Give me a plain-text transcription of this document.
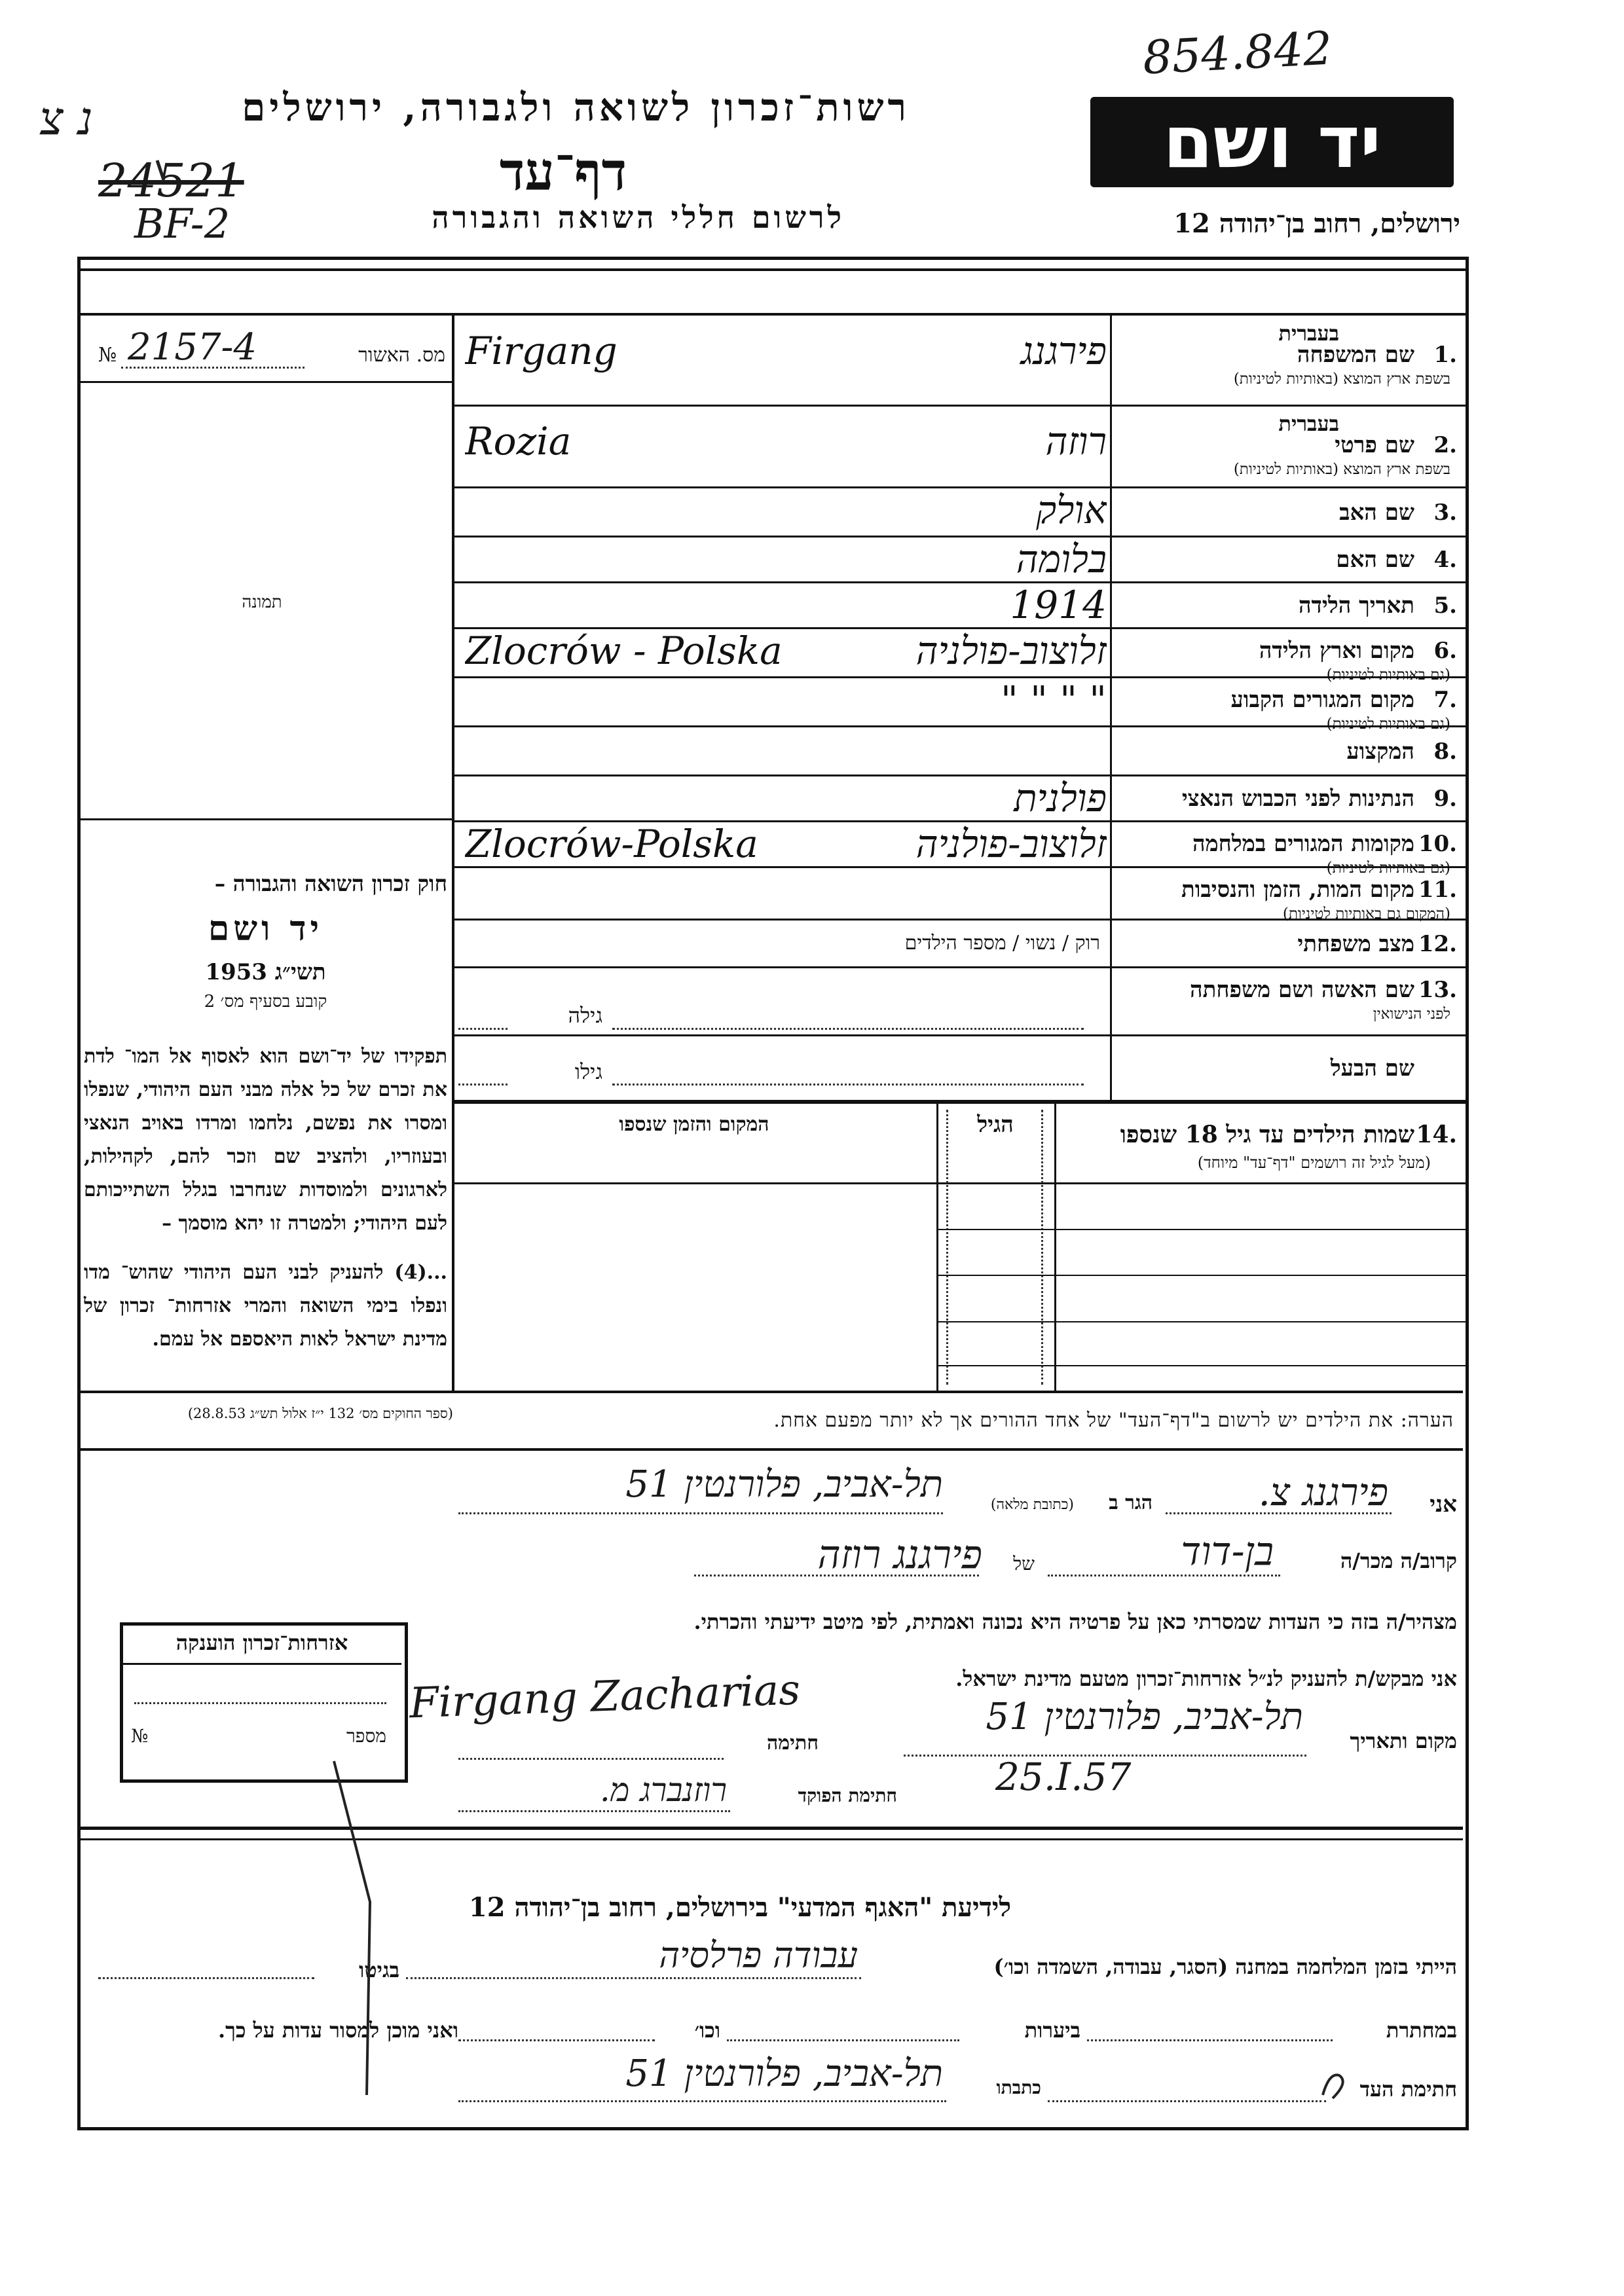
854.842
נ צ
24521
BF-2
רשות־זכרון לשואה ולגבורה, ירושלים
דף־עד
לרשום חללי השואה והגבורה
יד ושם
ירושלים, רחוב בן־יהודה 12
מס. האשור
№ 2157-4
תמונה
חוק זכרון השואה והגבורה –
יד ושם
תשי״ג 1953
קובע בסעיף מס׳ 2
תפקידו של יד־ושם הוא לאסוף אל המו־ לדת את זכרם של כל אלה מבני העם היהודי, שנפלו ומסרו את נפשם, נלחמו ומרדו באויב הנאצי ובעוזריו, ולהציב שם וזכר להם, לקהילות, לארגונים ולמוסדות שנחרבו בגלל השתייכותם לעם היהודי; ולמטרה זו יהא מוסמך –
...(4) להעניק לבני העם היהודי שהוש־ מדו ונפלו בימי השואה והמרי אזרחות־ זכרון של מדינת ישראל לאות היאספם אל עמם.
(ספר החוקים מס׳ 132 י״ז אלול תש״ג 28.8.53)
בעברית
1.
שם המשפחה
בשפת ארץ המוצא (באותיות לטיניות)
פירגנג
Firgang
בעברית
2.
שם פרטי
בשפת ארץ המוצא (באותיות לטיניות)
רוזה
Rozia
3.
שם האב
אולק
4.
שם האם
בלומה
5.
תאריך הלידה
1914
6.
מקום וארץ הלידה
(גם באותיות לטיניות)
זלוצוב-פולניה
Zlocrów - Polska
7.
מקום המגורים הקבוע
(גם באותיות לטיניות)
" " " "
8.
המקצוע
9.
הנתינות לפני הכבוש הנאצי
פולנית
10.
מקומות המגורים במלחמה
(גם באותיות לטיניות)
זלוצוב-פולניה
Zlocrów-Polska
11.
מקום המות, הזמן והנסיבות
(המקום גם באותיות לטיניות)
12.
מצב משפחתי
רוק / נשוי / מספר הילדים
13.
שם האשה ושם משפחתה
לפני הנישואין
שם הבעל
גילה
גילו
14.
שמות הילדים עד גיל 18 שנספו
(מעל לגיל זה רושמים "דף־עד" מיוחד)
הגיל
המקום והזמן שנספו
הערה: את הילדים יש לרשום ב"דף־העד" של אחד ההורים אך לא יותר מפעם אחת.
אני
פירגנג צ.
הגר ב
(כתובת מלאה)
תל-אביב, פלורנטין 51
קרוב/ה מכר/ה
בן-דוד
של
פירגנג רוזה
מצהיר/ה בזה כי העדות שמסרתי כאן על פרטיה היא נכונה ואמתית, לפי מיטב ידיעתי והכרתי.
אני מבקש/ת להעניק לנ״ל אזרחות־זכרון מטעם מדינת ישראל.
מקום ותאריך
תל-אביב, פלורנטין 51
25.I.57
חתימה
Firgang Zacharias
חתימת הפוקד
רוזנברג מ.
אזרחות־זכרון הוענקה
מספר
№
לידיעת "האגף המדעי" בירושלים, רחוב בן־יהודה 12
הייתי בזמן המלחמה במחנה (הסגר, עבודה, השמדה וכו׳)
עבודה פרלסיה
בגיטו
במחתרת
ביערות
וכו׳
ואני מוכן למסור עדות על כך.
חתימת העד
כתבתו
תל-אביב, פלורנטין 51
